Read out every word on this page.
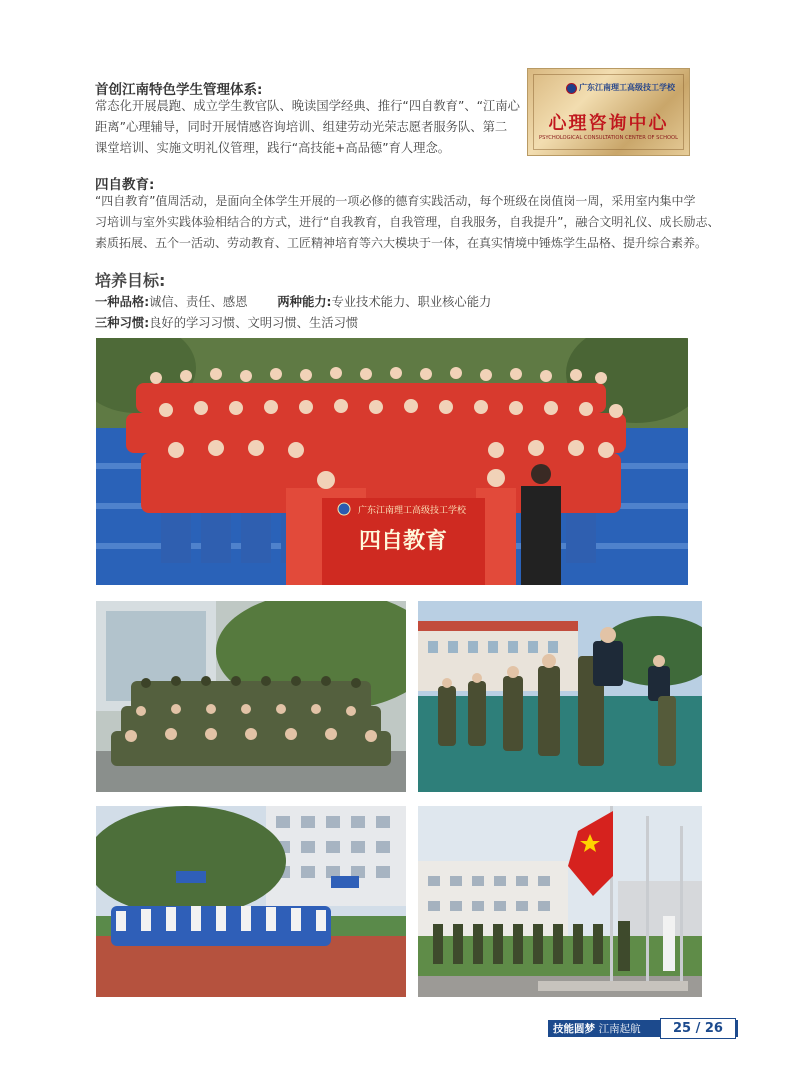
首创江南特色学生管理体系:
常态化开展晨跑、成立学生教官队、晚读国学经典、推行“四自教育”、“江南心
距离”心理辅导，同时开展情感咨询培训、组建劳动光荣志愿者服务队、第二
课堂培训、实施文明礼仪管理，践行“高技能+高品德”育人理念。
广东江南理工高级技工学校
心理咨询中心
PSYCHOLOGICAL CONSULTATION CENTER OF SCHOOL
四自教育:
“四自教育”值周活动，是面向全体学生开展的一项必修的德育实践活动，每个班级在岗值岗一周，采用室内集中学
习培训与室外实践体验相结合的方式，进行“自我教育，自我管理，自我服务，自我提升”，融合文明礼仪、成长励志、
素质拓展、五个一活动、劳动教育、工匠精神培育等六大模块于一体，在真实情境中锤炼学生品格、提升综合素养。
培养目标:
一种品格:诚信、责任、感恩 两种能力:专业技术能力、职业核心能力
三种习惯:良好的学习习惯、文明习惯、生活习惯
广东江南理工高级技工学校
四自教育
技能圆梦 江南起航	25 / 26
